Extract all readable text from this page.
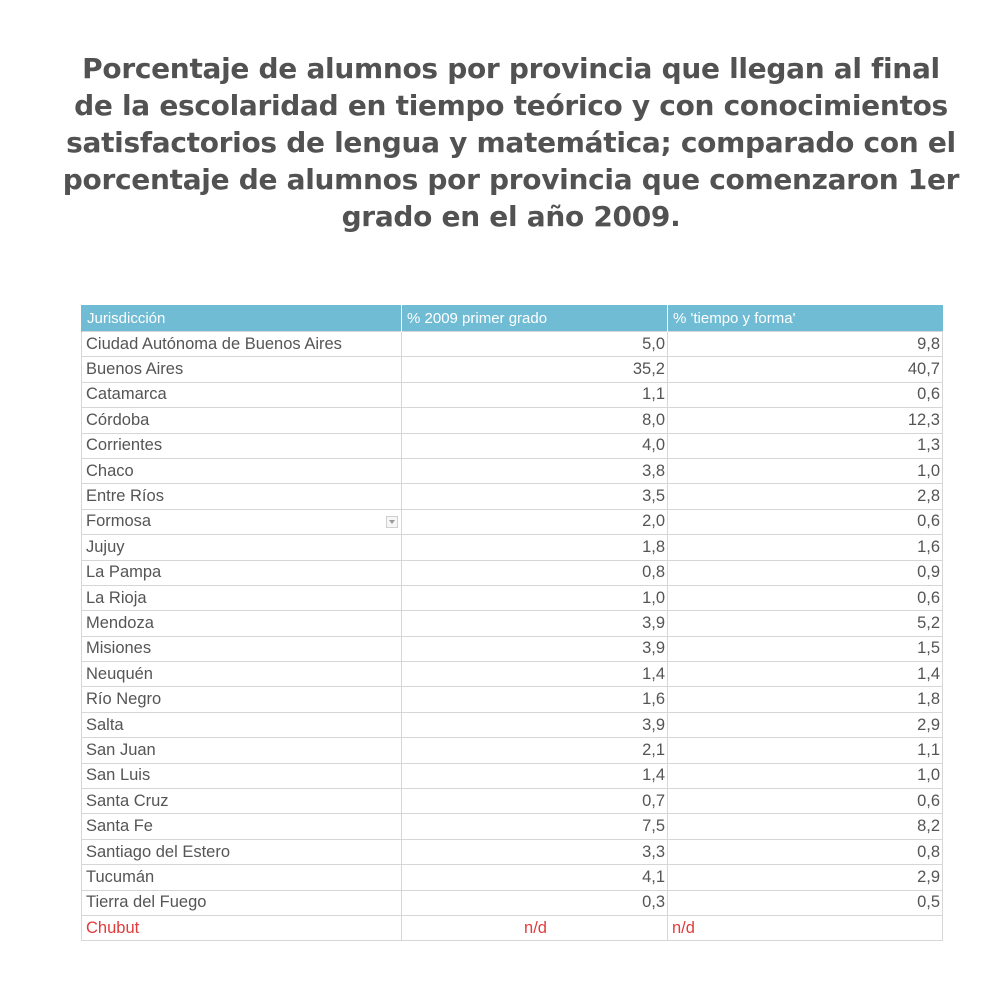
Porcentaje de alumnos por provincia que llegan al final de la escolaridad en tiempo teórico y con conocimientos satisfactorios de lengua y matemática; comparado con el porcentaje de alumnos por provincia que comenzaron 1er grado en el año 2009.
Jurisdicción	% 2009 primer grado	% 'tiempo y forma'
Ciudad Autónoma de Buenos Aires	5,0	9,8
Buenos Aires	35,2	40,7
Catamarca	1,1	0,6
Córdoba	8,0	12,3
Corrientes	4,0	1,3
Chaco	3,8	1,0
Entre Ríos	3,5	2,8
Formosa	2,0	0,6
Jujuy	1,8	1,6
La Pampa	0,8	0,9
La Rioja	1,0	0,6
Mendoza	3,9	5,2
Misiones	3,9	1,5
Neuquén	1,4	1,4
Río Negro	1,6	1,8
Salta	3,9	2,9
San Juan	2,1	1,1
San Luis	1,4	1,0
Santa Cruz	0,7	0,6
Santa Fe	7,5	8,2
Santiago del Estero	3,3	0,8
Tucumán	4,1	2,9
Tierra del Fuego	0,3	0,5
Chubut	n/d	n/d
